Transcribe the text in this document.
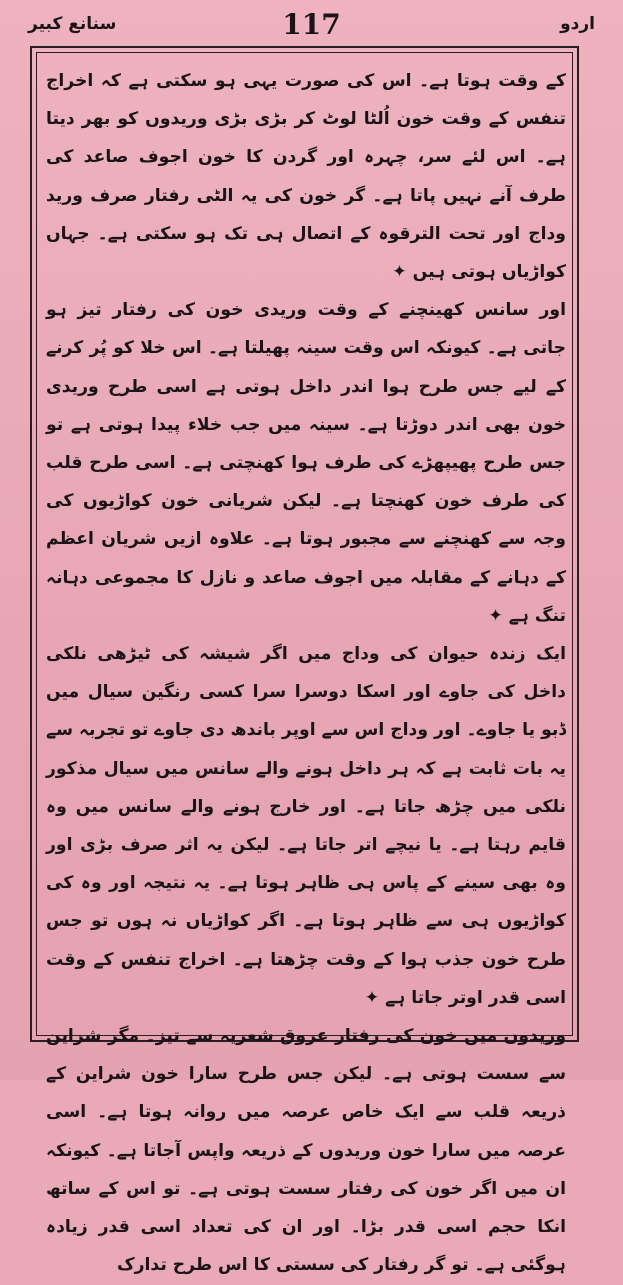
اردو
117
سنانع کبیر

کے وقت ہوتا ہے۔ اس کی صورت یہی ہو سکتی ہے کہ اخراج تنفس کے وقت خون اُلٹا لوٹ کر بڑی بڑی وریدوں کو بھر دیتا ہے۔ اس لئے سر، چہرہ اور گردن کا خون اجوف صاعد کی طرف آنے نہیں پاتا ہے۔ گر خون کی یہ الٹی رفتار صرف ورید وداج اور تحت الترقوہ کے اتصال ہی تک ہو سکتی ہے۔ جہاں کواڑیاں ہوتی ہیں ✦

اور سانس کھینچنے کے وقت وریدی خون کی رفتار تیز ہو جاتی ہے۔ کیونکہ اس وقت سینہ پھیلتا ہے۔ اس خلا کو پُر کرنے کے لیے جس طرح ہوا اندر داخل ہوتی ہے اسی طرح وریدی خون بھی اندر دوڑتا ہے۔ سینہ میں جب خلاء پیدا ہوتی ہے تو جس طرح پھیپھڑے کی طرف ہوا کھنچتی ہے۔ اسی طرح قلب کی طرف خون کھنچتا ہے۔ لیکن شریانی خون کواڑیوں کی وجہ سے کھنچنے سے مجبور ہوتا ہے۔ علاوہ ازیں شریان اعظم کے دہانے کے مقابلہ میں اجوف صاعد و نازل کا مجموعی دہانہ تنگ ہے ✦

ایک زندہ حیوان کی وداج میں اگر شیشہ کی ٹیڑھی نلکی داخل کی جاوے اور اسکا دوسرا سرا کسی رنگین سیال میں ڈبو یا جاوے۔ اور وداج اس سے اوپر باندھ دی جاوے تو تجربہ سے یہ بات ثابت ہے کہ ہر داخل ہونے والے سانس میں سیال مذکور نلکی میں چڑھ جاتا ہے۔ اور خارج ہونے والے سانس میں وہ قایم رہتا ہے۔ یا نیچے اتر جاتا ہے۔ لیکن یہ اثر صرف بڑی اور وہ بھی سینے کے پاس ہی ظاہر ہوتا ہے۔ یہ نتیجہ اور وہ کی کواڑیوں ہی سے ظاہر ہوتا ہے۔ اگر کواڑیاں نہ ہوں تو جس طرح خون جذب ہوا کے وقت چڑھتا ہے۔ اخراج تنفس کے وقت اسی قدر اوتر جاتا ہے ✦

وریدوں میں خون کی رفتار عروق شعریہ سے تیز۔ مگر شراین سے سست ہوتی ہے۔ لیکن جس طرح سارا خون شراین کے ذریعہ قلب سے ایک خاص عرصہ میں روانہ ہوتا ہے۔ اسی عرصہ میں سارا خون وریدوں کے ذریعہ واپس آجاتا ہے۔ کیونکہ ان میں اگر خون کی رفتار سست ہوتی ہے۔ تو اس کے ساتھ انکا حجم اسی قدر بڑا۔ اور ان کی تعداد اسی قدر زیادہ ہوگئی ہے۔ تو گر رفتار کی سستی کا اس طرح تدارک
